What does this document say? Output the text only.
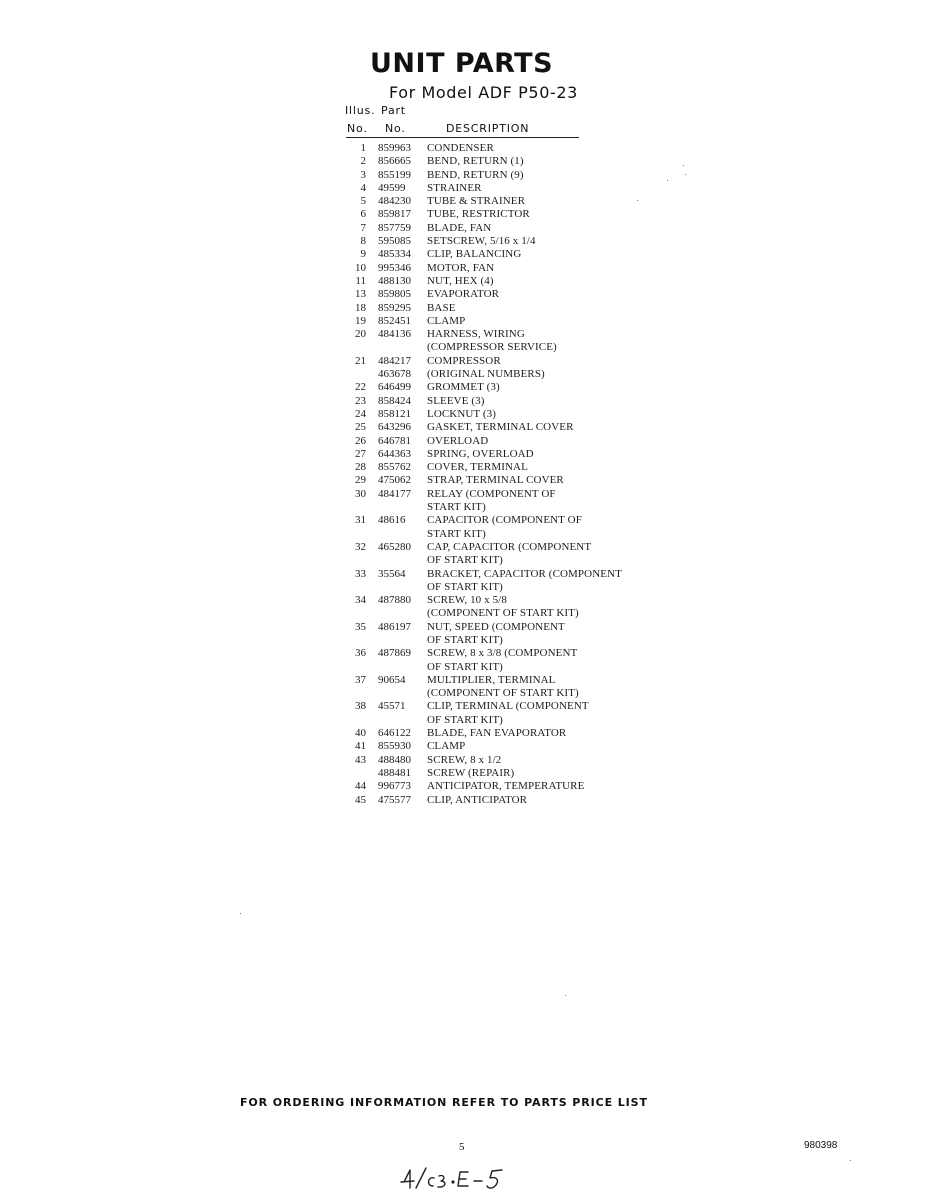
UNIT PARTS
For Model ADF P50-23
Illus. Part
No. No.	DESCRIPTION
1 859963 CONDENSER
2 856665 BEND, RETURN (1)
3 855199 BEND, RETURN (9)
4 49599 STRAINER
5 484230 TUBE & STRAINER
6 859817 TUBE, RESTRICTOR
7 857759 BLADE, FAN
8 595085 SETSCREW, 5/16 x 1/4
9 485334 CLIP, BALANCING
10 995346 MOTOR, FAN
11 488130 NUT, HEX (4)
13 859805 EVAPORATOR
18 859295 BASE
19 852451 CLAMP
20 484136 HARNESS, WIRING
(COMPRESSOR SERVICE)
21 484217 COMPRESSOR
463678 (ORIGINAL NUMBERS)
22 646499 GROMMET (3)
23 858424 SLEEVE (3)
24 858121 LOCKNUT (3)
25 643296 GASKET, TERMINAL COVER
26 646781 OVERLOAD
27 644363 SPRING, OVERLOAD
28 855762 COVER, TERMINAL
29 475062 STRAP, TERMINAL COVER
30 484177 RELAY (COMPONENT OF
START KIT)
31 48616 CAPACITOR (COMPONENT OF
START KIT)
32 465280 CAP, CAPACITOR (COMPONENT
OF START KIT)
33 35564 BRACKET, CAPACITOR (COMPONENT
OF START KIT)
34 487880 SCREW, 10 x 5/8
(COMPONENT OF START KIT)
35 486197 NUT, SPEED (COMPONENT
OF START KIT)
36 487869 SCREW, 8 x 3/8 (COMPONENT
OF START KIT)
37 90654 MULTIPLIER, TERMINAL
(COMPONENT OF START KIT)
38 45571 CLIP, TERMINAL (COMPONENT
OF START KIT)
40 646122 BLADE, FAN EVAPORATOR
41 855930 CLAMP
43 488480 SCREW, 8 x 1/2
488481 SCREW (REPAIR)
44 996773 ANTICIPATOR, TEMPERATURE
45 475577 CLIP, ANTICIPATOR
FOR ORDERING INFORMATION REFER TO PARTS PRICE LIST
5	980398
